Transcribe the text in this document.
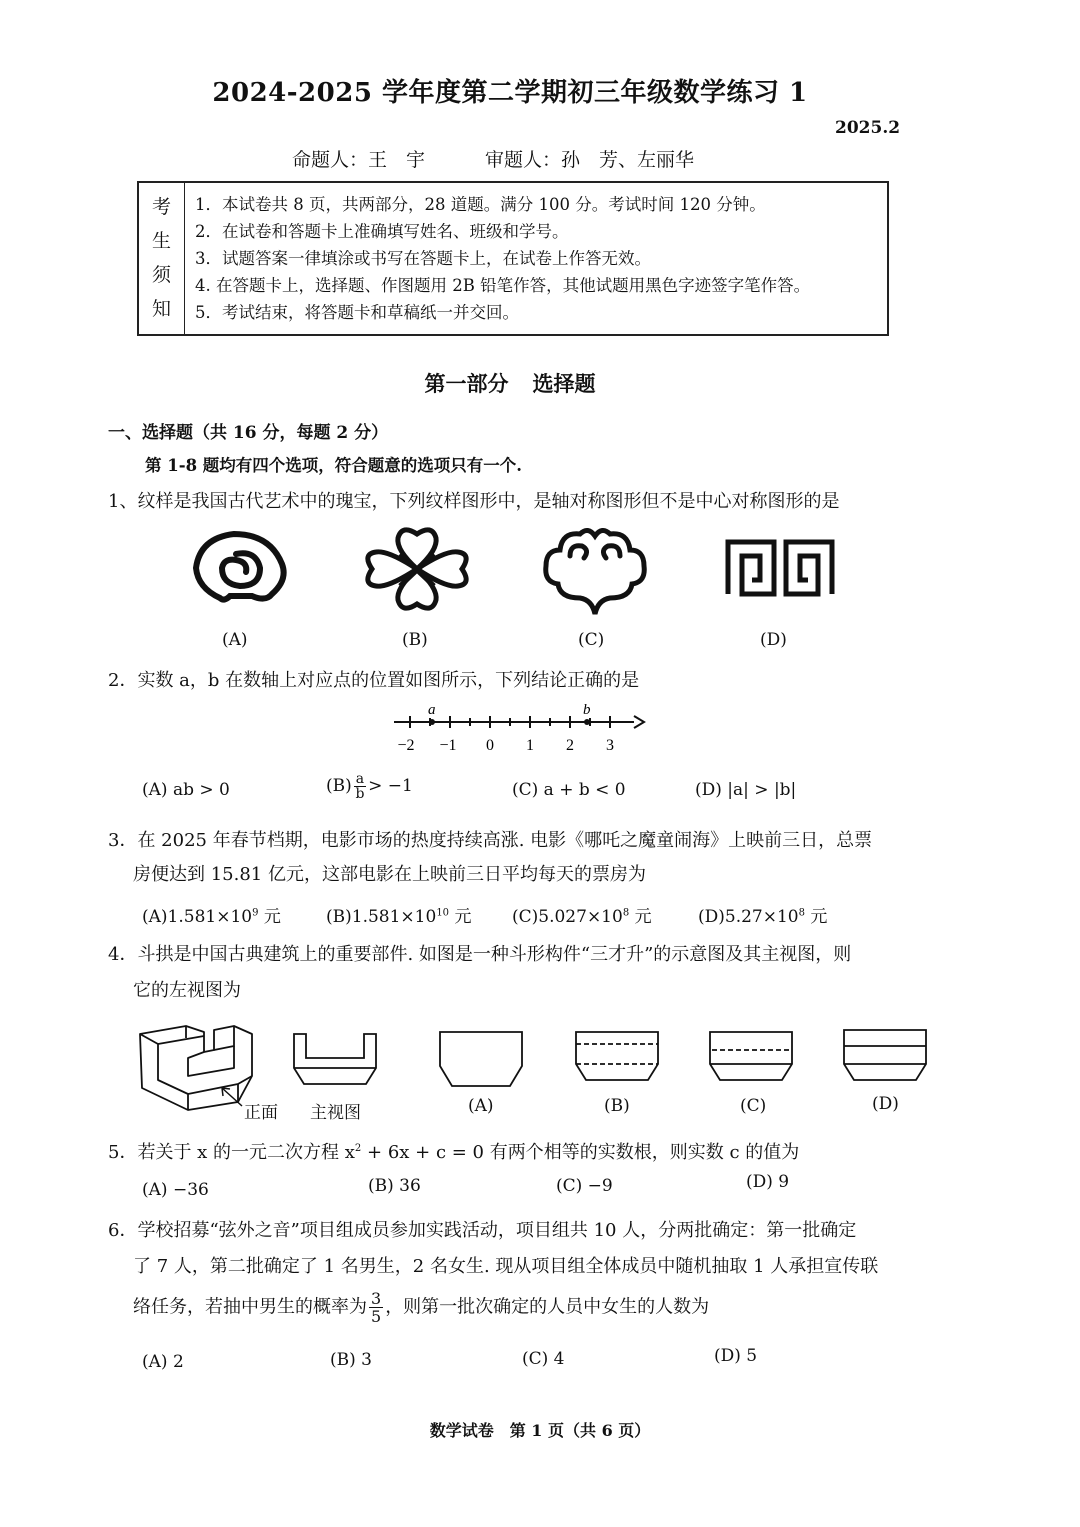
2024-2025 学年度第二学期初三年级数学练习 1
2025.2
命题人：王　宇	审题人：孙　芳、左丽华
考
生
须
知
1．本试卷共 8 页，共两部分，28 道题。满分 100 分。考试时间 120 分钟。
2．在试卷和答题卡上准确填写姓名、班级和学号。
3．试题答案一律填涂或书写在答题卡上，在试卷上作答无效。
4. 在答题卡上，选择题、作图题用 2B 铅笔作答，其他试题用黑色字迹签字笔作答。
5．考试结束，将答题卡和草稿纸一并交回。
第一部分 选择题
一、选择题（共 16 分，每题 2 分）
第 1-8 题均有四个选项，符合题意的选项只有一个.
1、纹样是我国古代艺术中的瑰宝，下列纹样图形中，是轴对称图形但不是中心对称图形的是
(A)	(B)	(C)	(D)
2．实数 a，b 在数轴上对应点的位置如图所示，下列结论正确的是
a	b
−2 −1 0 1 2 3
(A) ab > 0	$(B) \frac{a}{b} > -1$	(C) a + b < 0	(D) |a| > |b|
3．在 2025 年春节档期，电影市场的热度持续高涨. 电影《哪吒之魔童闹海》上映前三日，总票
房便达到 15.81 亿元，这部电影在上映前三日平均每天的票房为
$(A)1.581\times 10^9$ 元	$(B)1.581\times 10^{10}$ 元 $(C)5.027\times 10^8$ 元	$(D)5.27\times 10^8$ 元
4．斗拱是中国古典建筑上的重要部件. 如图是一种斗形构件“三才升”的示意图及其主视图，则
它的左视图为
正面 主视图	(A)	(B)	(C)	(D)
5．若关于 x 的一元二次方程 $x^2 + 6x + c = 0$ 有两个相等的实数根，则实数 c 的值为
(A) −36	(B) 36	(C) −9	(D) 9
6．学校招募“弦外之音”项目组成员参加实践活动，项目组共 10 人，分两批确定：第一批确定
了 7 人，第二批确定了 1 名男生，2 名女生. 现从项目组全体成员中随机抽取 1 人承担宣传联
络任务，若抽中男生的概率为 $\frac{3}{5}$ ，则第一批次确定的人员中女生的人数为
(A) 2	(B) 3	(C) 4	(D) 5
数学试卷　第 1 页（共 6 页）
